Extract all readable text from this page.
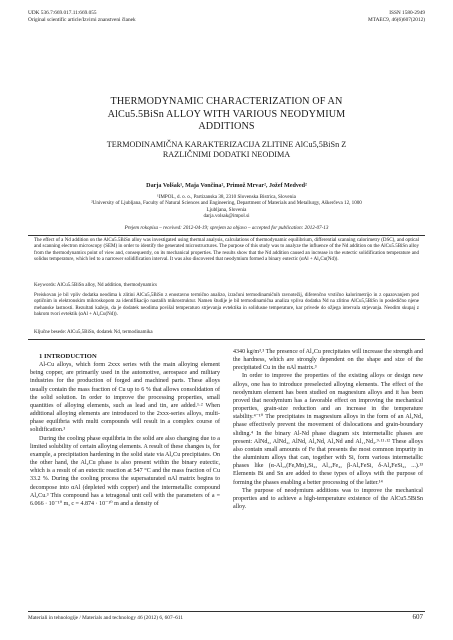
UDK 536.7:669.017.11:669.055
Original scientific article/Izvirni znanstveni članek
ISSN 1580-2949
MTAEC9, 46(6)607(2012)
THERMODYNAMIC CHARACTERIZATION OF AN
AlCu5.5BiSn ALLOY WITH VARIOUS NEODYMIUM
ADDITIONS
TERMODINAMIČNA KARAKTERIZACIJA ZLITINE AlCu5,5BiSn Z
RAZLIČNIMI DODATKI NEODIMA
Darja Volšak¹, Maja Vončina², Primož Mrvar², Jožef Medved²
¹IMPOL, d. o. o., Partizanska 38, 2310 Slovenska Bistrica, Slovenia
²University of Ljubljana, Faculty of Natural Sciences and Engineering, Department of Materials and Metallurgy, Aškerčeva 12, 1000
Ljubljana, Slovenia
darja.volsak@impol.si
Prejem rokopisa – received: 2012-04-19; sprejem za objavo – accepted for publication: 2012-07-13
The effect of a Nd addition on the AlCu5.5BiSn alloy was investigated using thermal analysis, calculations of thermodynamic equilibrium, differential scanning calorimetry (DSC), and optical and scanning electron microscopy (SEM) in order to identify the generated microstructures. The purpose of this study was to analyze the influence of the Nd addition on the AlCu5.5BiSn alloy from the thermodynamics point of view and, consequently, on its mechanical properties. The results show that the Nd addition caused an increase in the eutectic solidification temperature and solidus temperature, which led to a narrower solidification interval. It was also discovered that neodymium formed a binary eutectic (αAl + Al₂Cu(Nd)).
Keywords: AlCu5.5BiSn alloy, Nd addition, thermodynamics
Preiskovan je bil vpliv dodatka neodima k zlitini AlCu5,5BiSn z enostavno termično analizo, izračuni termodinamičnih ravnotežij, diferenčno vrstično kalorimetrijo in z opazovanjem pod optičnim in elektronskim mikroskopom za identifikacijo nastalih mikrostruktur. Namen študije je bil termodinamična analiza vpliva dodatka Nd na zlitino AlCu5,5BiSn in posledično njene mehanske lastnosti. Rezultati kažejo, da je dodatek neodima povišal temperaturo strjevanja evtektika in solidusne temperature, kar privede do ožjega intervala strjevanja. Neodim skupaj z bakrom tvori evtektik (αAl + Al₂Cu(Nd)).
Ključne besede: AlCu5,5BiSn, dodatek Nd, termodinamika

1 INTRODUCTION

Al-Cu alloys, which form 2xxx series with the main alloying element being copper, are primarily used in the automotive, aerospace and military industries for the production of forged and machined parts. These alloys usually contain the mass fraction of Cu up to 6 % that allows consolidation of the solid solution. In order to improve the processing properties, small quantities of alloying elements, such as lead and tin, are added.¹·² When additional alloying elements are introduced to the 2xxx-series alloys, multi-phase equilibria with multi compounds will result in a complex course of solidification.³

During the cooling phase equilibria in the solid are also changing due to a limited solubility of certain alloying elements. A result of these changes is, for example, a precipitation hardening in the solid state via Al₂Cu precipitates. On the other hand, the Al₂Cu phase is also present within the binary eutectic, which is a result of an eutectic reaction at 547 °C and the mass fraction of Cu 33.2 %. During the cooling process the supersaturated αAl matrix begins to decompose into αAl (depleted with copper) and the intermetallic compound Al₂Cu.³ This compound has a tetragonal unit cell with the parameters of a = 6.066 · 10⁻¹⁰ m, c = 4.874 · 10⁻¹⁰ m and a density of

4340 kg/m³.³ The presence of Al₂Cu precipitates will increase the strength and the hardness, which are strongly dependent on the shape and size of the precipitated Cu in the αAl matrix.³

In order to improve the properties of the existing alloys or design new alloys, one has to introduce preselected alloying elements. The effect of the neodymium element has been studied on magnesium alloys and it has been proved that neodymium has a favorable effect on improving the mechanical properties, grain-size reduction and an increase in the temperature stability.⁴⁻¹⁰ The precipitates in magnesium alloys in the form of an Al₂Nd₃ phase effectively prevent the movement of dislocations and grain-boundary sliding.⁴ In the binary Al-Nd phase diagram six intermetallic phases are present: AlNd₃, AlNd₂, AlNd, Al₂Nd, Al₃Nd and Al₁₁Nd₃.⁹·¹¹·¹² These alloys also contain small amounts of Fe that presents the most common impurity in the aluminium alloys that can, together with Si, form various intermetallic phases like (α-Al₁₅(Fe,Mn)₃Si₂, Al₁₃Fe₄, β-Al₅FeSi, δ-Al₄FeSi₂, ...).¹³ Elements Bi and Sn are added to these types of alloys with the purpose of forming the phases enabling a better processing of the latter.¹⁴

The purpose of neodymium additions was to improve the mechanical properties and to achieve a high-temperature existence of the AlCu5.5BiSn alloy.

Materiali in tehnologije / Materials and technology 46 (2012) 6, 607–611	607
